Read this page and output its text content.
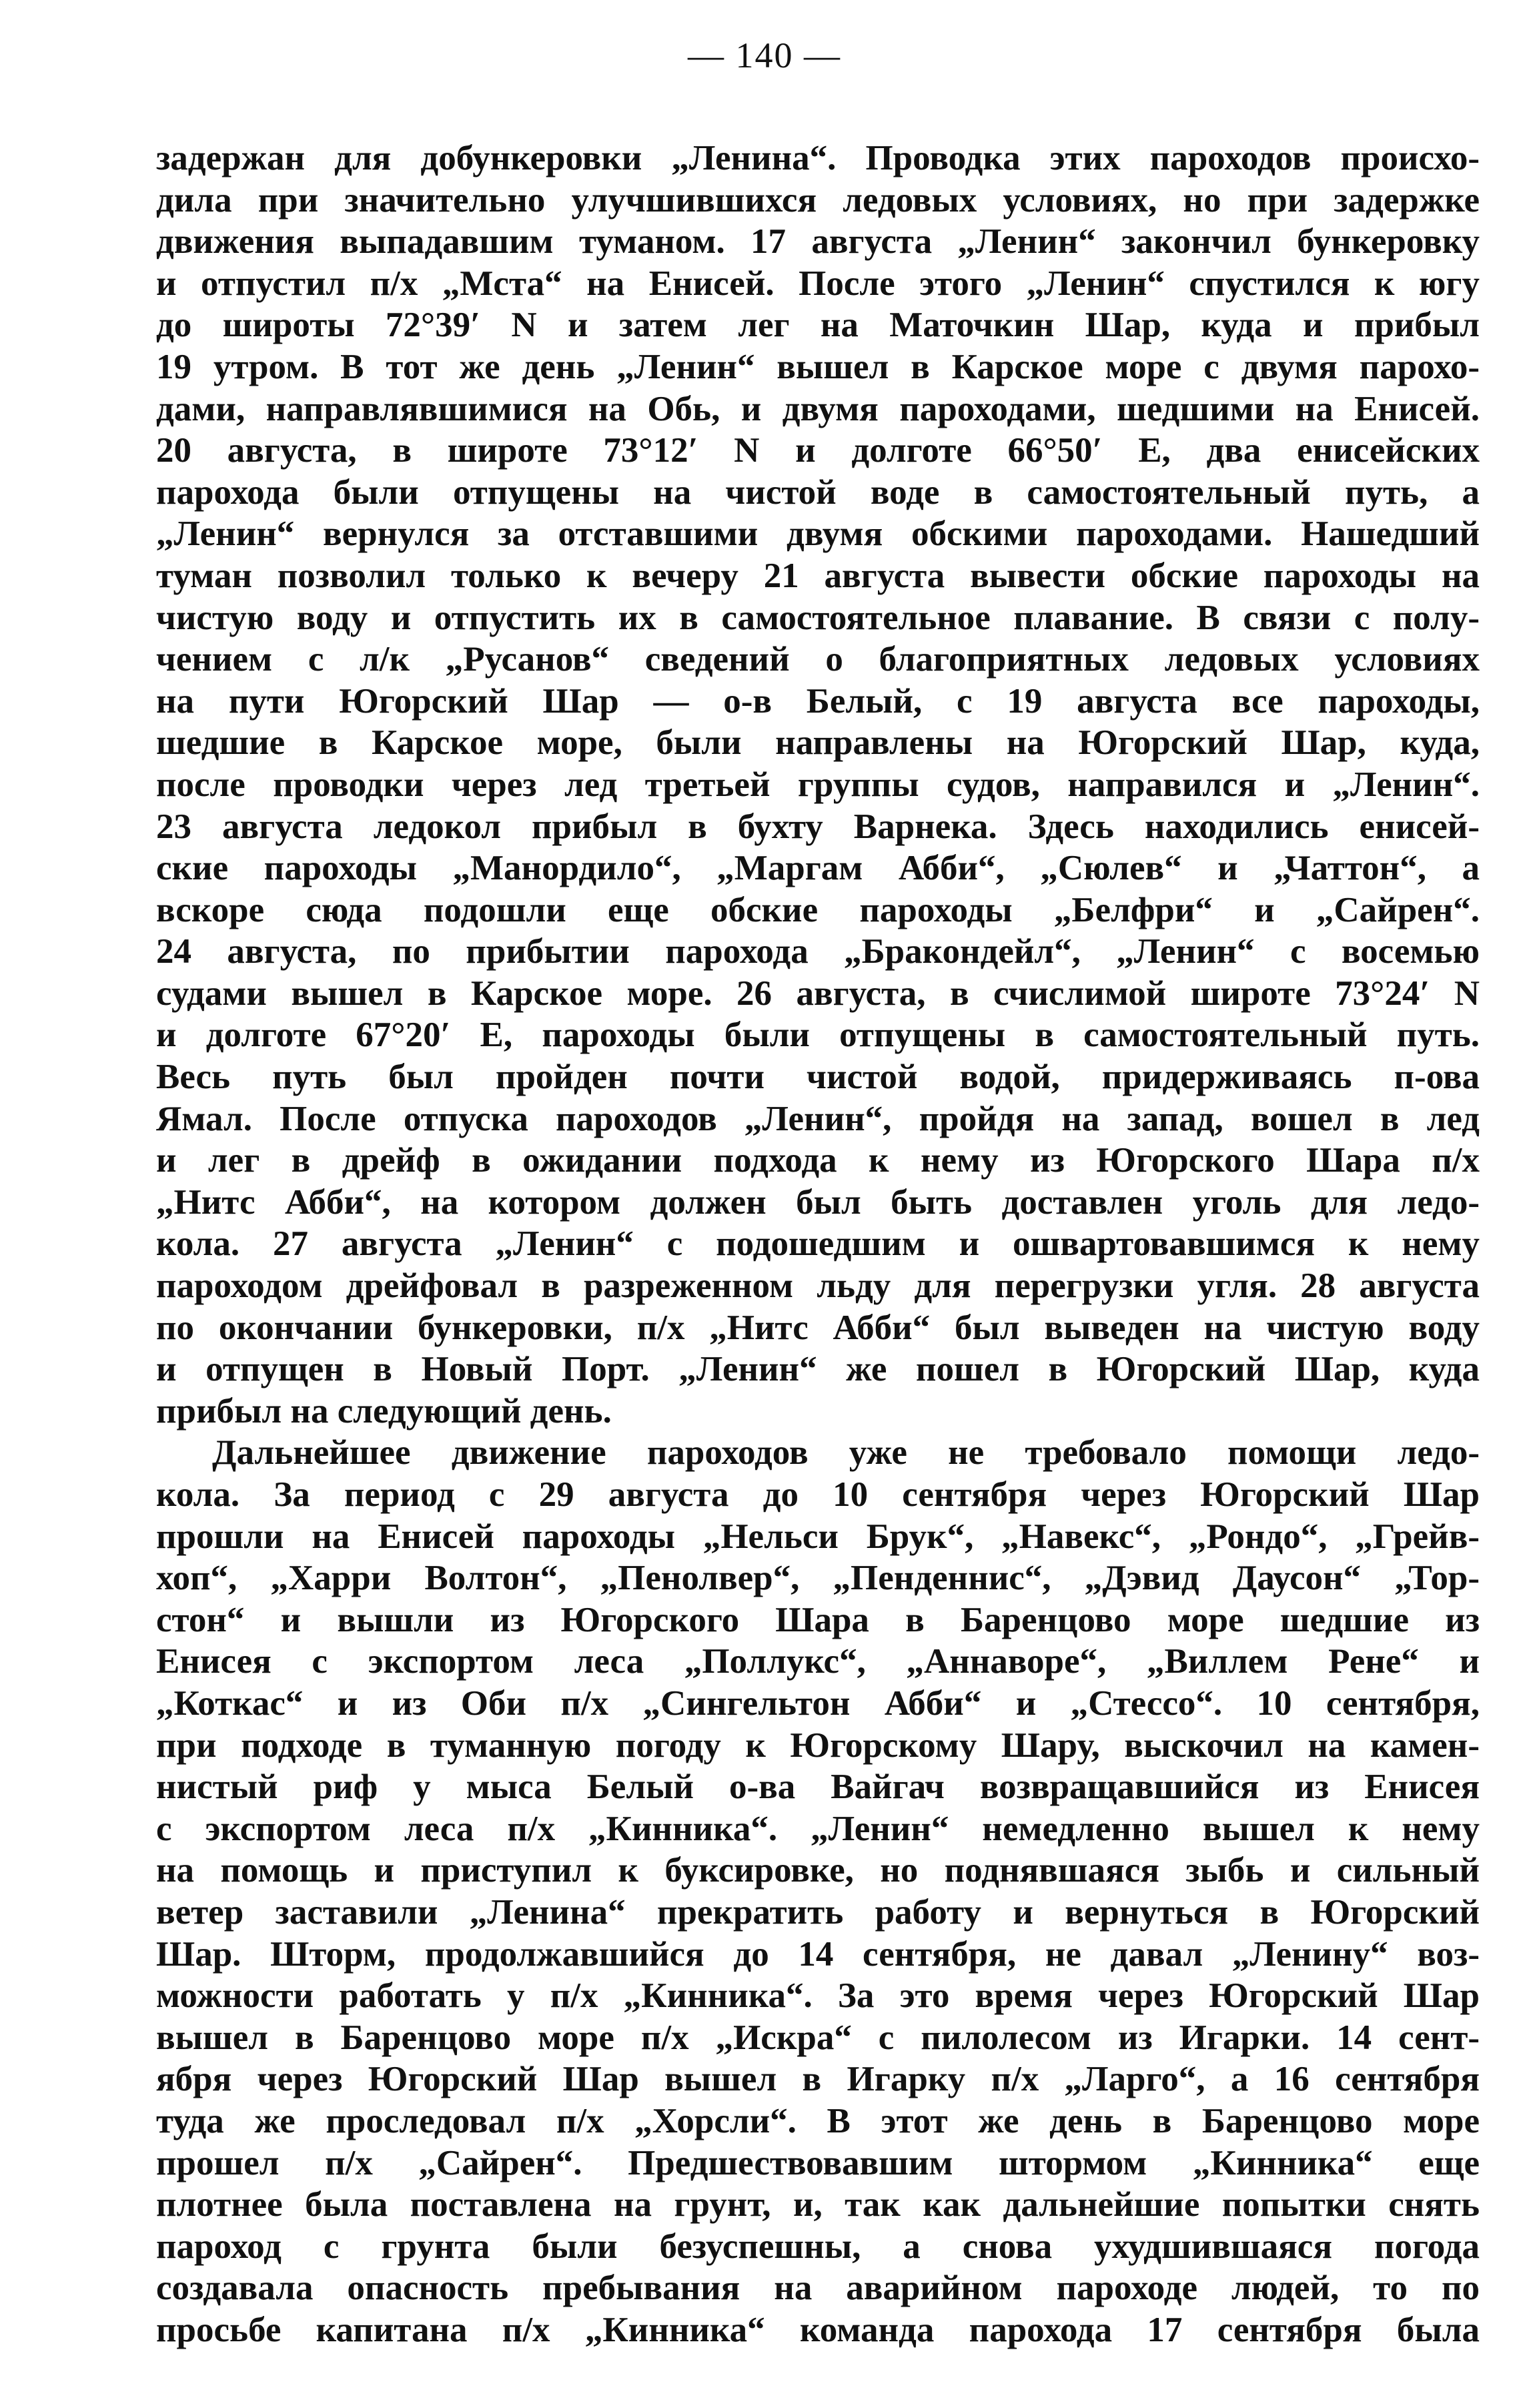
— 140 —
задержан для добункеровки „Ленина“. Проводка этих пароходов происхо-
дила при значительно улучшившихся ледовых условиях, но при задержке
движения выпадавшим туманом. 17 августа „Ленин“ закончил бункеровку
и отпустил п/х „Мста“ на Енисей. После этого „Ленин“ спустился к югу
до широты 72°39′ N и затем лег на Маточкин Шар, куда и прибыл
19 утром. В тот же день „Ленин“ вышел в Карское море с двумя парохо-
дами, направлявшимися на Обь, и двумя пароходами, шедшими на Енисей.
20 августа, в широте 73°12′ N и долготе 66°50′ E, два енисейских
парохода были отпущены на чистой воде в самостоятельный путь, а
„Ленин“ вернулся за отставшими двумя обскими пароходами. Нашедший
туман позволил только к вечеру 21 августа вывести обские пароходы на
чистую воду и отпустить их в самостоятельное плавание. В связи с полу-
чением с л/к „Русанов“ сведений о благоприятных ледовых условиях
на пути Югорский Шар — о-в Белый, с 19 августа все пароходы,
шедшие в Карское море, были направлены на Югорский Шар, куда,
после проводки через лед третьей группы судов, направился и „Ленин“.
23 августа ледокол прибыл в бухту Варнека. Здесь находились енисей-
ские пароходы „Манордило“, „Маргам Абби“, „Сюлев“ и „Чаттон“, а
вскоре сюда подошли еще обские пароходы „Белфри“ и „Сайрен“.
24 августа, по прибытии парохода „Бракондейл“, „Ленин“ с восемью
судами вышел в Карское море. 26 августа, в счислимой широте 73°24′ N
и долготе 67°20′ E, пароходы были отпущены в самостоятельный путь.
Весь путь был пройден почти чистой водой, придерживаясь п-ова
Ямал. После отпуска пароходов „Ленин“, пройдя на запад, вошел в лед
и лег в дрейф в ожидании подхода к нему из Югорского Шара п/х
„Нитс Абби“, на котором должен был быть доставлен уголь для ледо-
кола. 27 августа „Ленин“ с подошедшим и ошвартовавшимся к нему
пароходом дрейфовал в разреженном льду для перегрузки угля. 28 августа
по окончании бункеровки, п/х „Нитс Абби“ был выведен на чистую воду
и отпущен в Новый Порт. „Ленин“ же пошел в Югорский Шар, куда
прибыл на следующий день.
Дальнейшее движение пароходов уже не требовало помощи ледо-
кола. За период с 29 августа до 10 сентября через Югорский Шар
прошли на Енисей пароходы „Нельси Брук“, „Навекс“, „Рондо“, „Грейв-
хоп“, „Харри Волтон“, „Пенолвер“, „Пенденнис“, „Дэвид Даусон“ „Тор-
стон“ и вышли из Югорского Шара в Баренцово море шедшие из
Енисея с экспортом леса „Поллукс“, „Аннаворе“, „Виллем Рене“ и
„Коткас“ и из Оби п/х „Сингельтон Абби“ и „Стессо“. 10 сентября,
при подходе в туманную погоду к Югорскому Шару, выскочил на камен-
нистый риф у мыса Белый о-ва Вайгач возвращавшийся из Енисея
с экспортом леса п/х „Кинника“. „Ленин“ немедленно вышел к нему
на помощь и приступил к буксировке, но поднявшаяся зыбь и сильный
ветер заставили „Ленина“ прекратить работу и вернуться в Югорский
Шар. Шторм, продолжавшийся до 14 сентября, не давал „Ленину“ воз-
можности работать у п/х „Кинника“. За это время через Югорский Шар
вышел в Баренцово море п/х „Искра“ с пилолесом из Игарки. 14 сент-
ября через Югорский Шар вышел в Игарку п/х „Ларго“, а 16 сентября
туда же проследовал п/х „Хорсли“. В этот же день в Баренцово море
прошел п/х „Сайрен“. Предшествовавшим штормом „Кинника“ еще
плотнее была поставлена на грунт, и, так как дальнейшие попытки снять
пароход с грунта были безуспешны, а снова ухудшившаяся погода
создавала опасность пребывания на аварийном пароходе людей, то по
просьбе капитана п/х „Кинника“ команда парохода 17 сентября была
